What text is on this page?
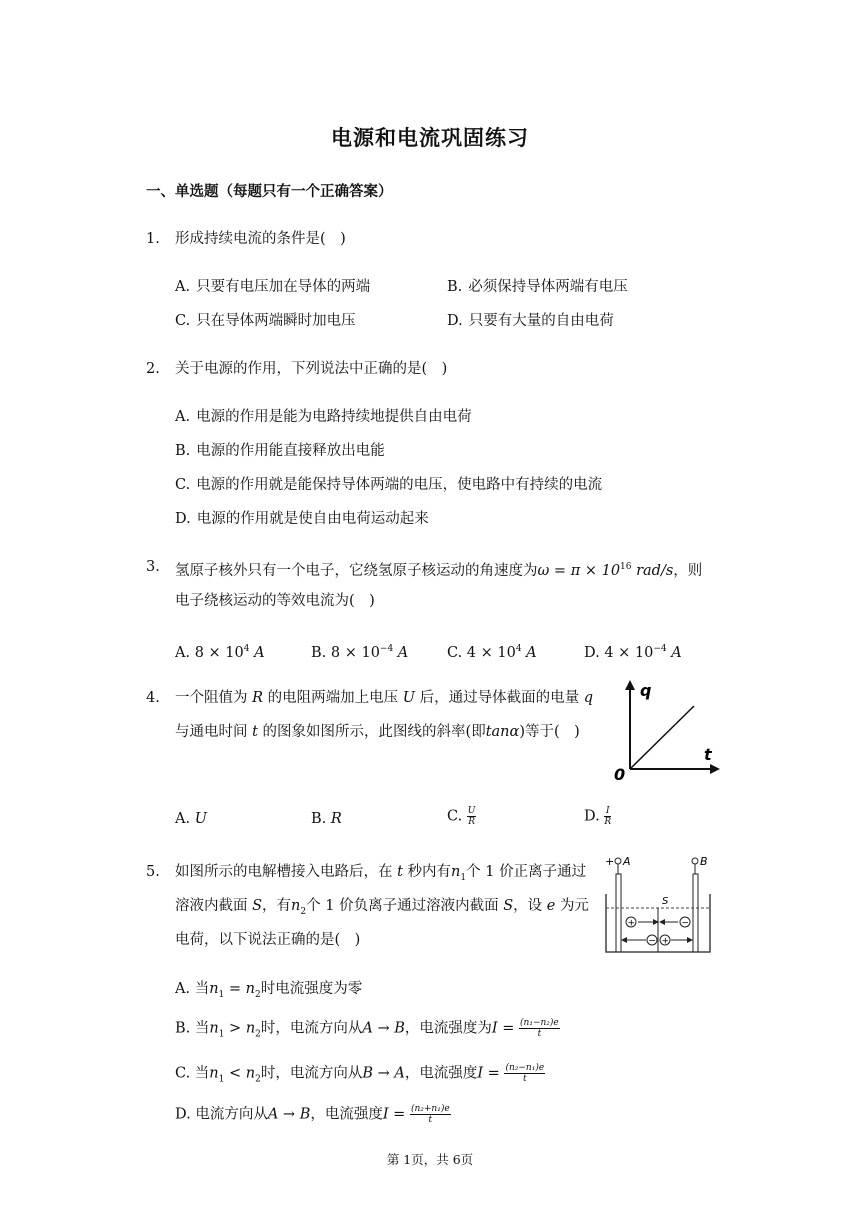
电源和电流巩固练习
一、单选题（每题只有一个正确答案）
1. 形成持续电流的条件是(　)
A. 只要有电压加在导体的两端	B. 必须保持导体两端有电压
C. 只在导体两端瞬时加电压	D. 只要有大量的自由电荷
2. 关于电源的作用，下列说法中正确的是(　)
A. 电源的作用是能为电路持续地提供自由电荷
B. 电源的作用能直接释放出电能
C. 电源的作用就是能保持导体两端的电压，使电路中有持续的电流
D. 电源的作用就是使自由电荷运动起来
3. 氢原子核外只有一个电子，它绕氢原子核运动的角速度为$\omega = \pi \times 10^{16}$ rad/s，则
电子绕核运动的等效电流为(　)
A. $8 \times 10^4$ A	B. $8 \times 10^{-4}$ A	C. $4 \times 10^4$ A	D. $4 \times 10^{-4}$ A
4. 一个阻值为 R 的电阻两端加上电压 U 后，通过导体截面的电量 q
与通电时间 t 的图象如图所示，此图线的斜率(即tanα)等于(　)
q
t
0
A. U	B. R	C. $\frac{U}{R}$	D. $\frac{I}{R}$
5. 如图所示的电解槽接入电路后，在 t 秒内有$n_1$个 1 价正离子通过
溶液内截面 S，有$n_2$个 1 价负离子通过溶液内截面 S，设 e 为元
电荷，以下说法正确的是(　)
+ A	B
S
+	−
− +
A. 当$n_1 = n_2$时电流强度为零
B. 当$n_1 > n_2$时，电流方向从A → B，电流强度为$I = \frac{\text{(n₁−n₂)e}}{t}$
C. 当$n_1 < n_2$时，电流方向从B → A，电流强度$I = \frac{\text{(n₂−n₁)e}}{t}$
D. 电流方向从A → B，电流强度$I = \frac{\text{(n₂+n₁)e}}{t}$
第 1页，共 6页
